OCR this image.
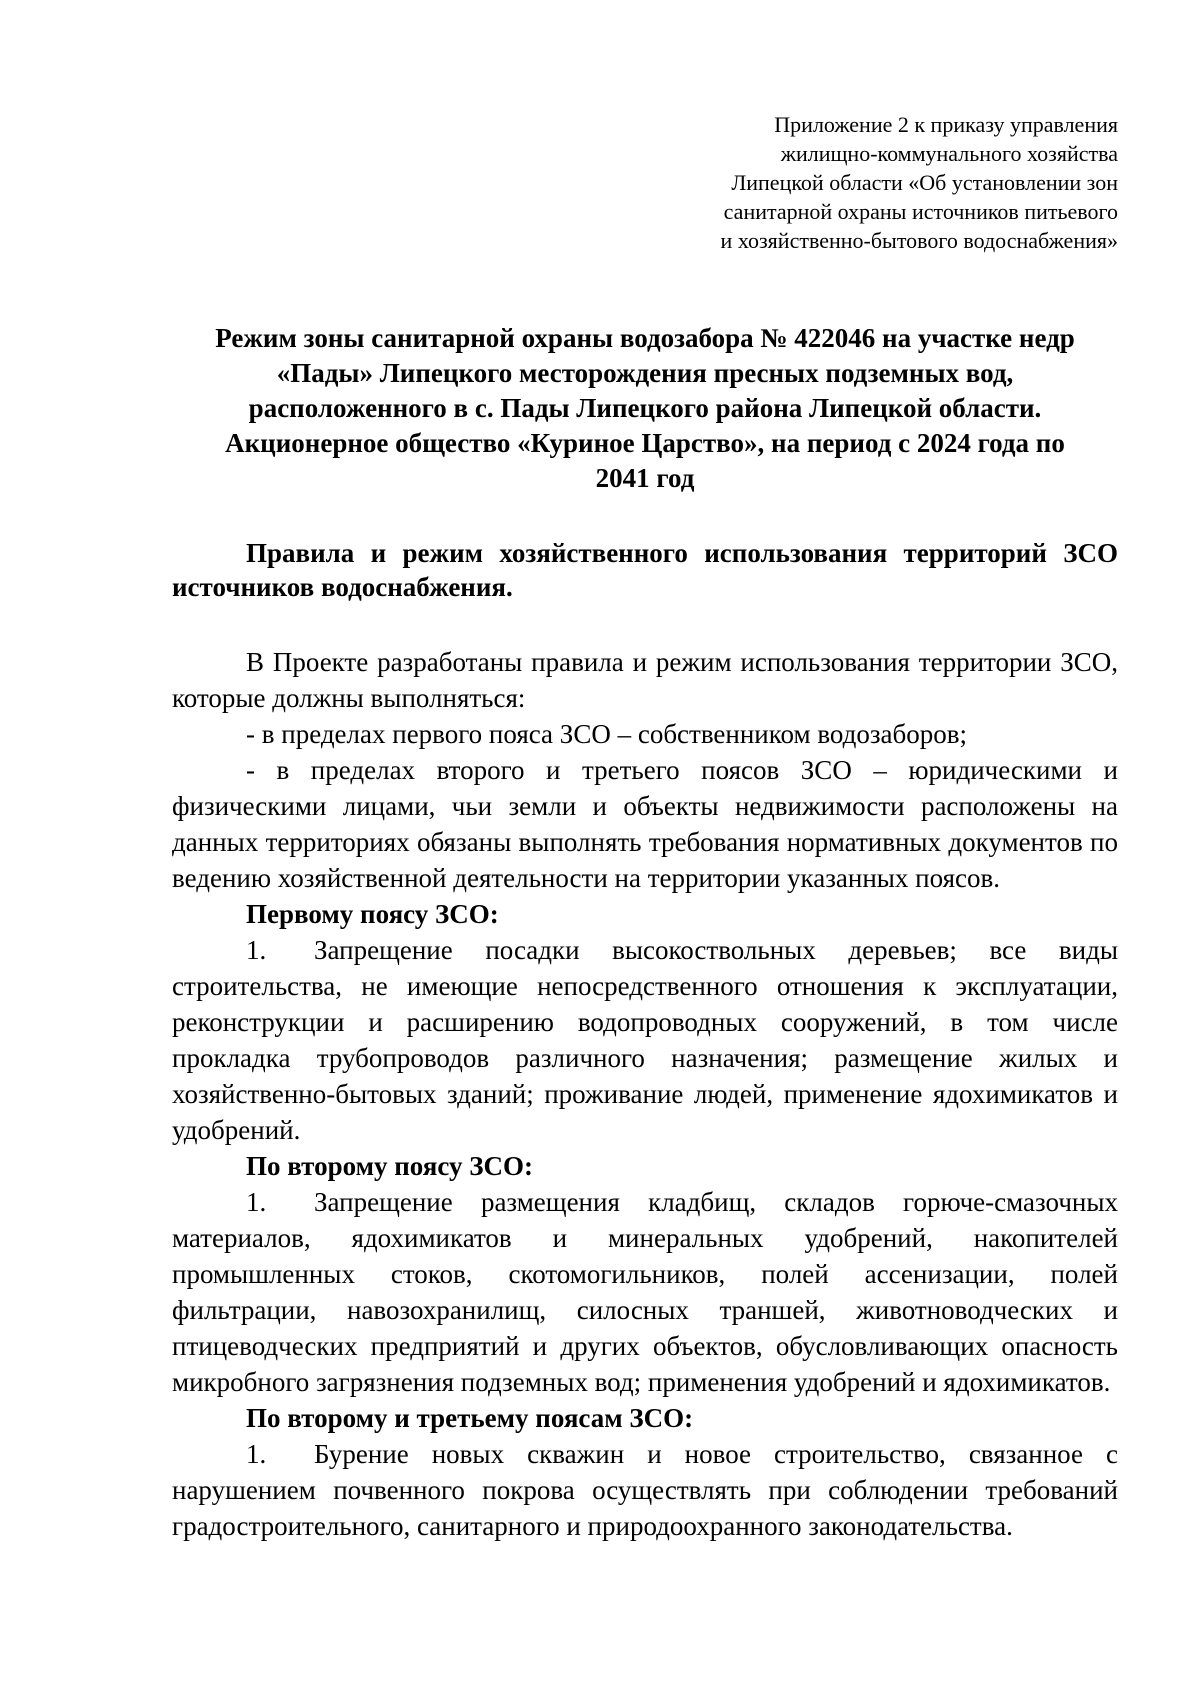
Приложение 2 к приказу управления
жилищно-коммунального хозяйства
Липецкой области «Об установлении зон
санитарной охраны источников питьевого
и хозяйственно-бытового водоснабжения»
Режим зоны санитарной охраны водозабора № 422046 на участке недр
«Пады» Липецкого месторождения пресных подземных вод,
расположенного в с. Пады Липецкого района Липецкой области.
Акционерное общество «Куриное Царство», на период с 2024 года по
2041 год
Правила и режим хозяйственного использования территорий ЗСО источников водоснабжения.

В Проекте разработаны правила и режим использования территории ЗСО, которые должны выполняться:

- в пределах первого пояса ЗСО – собственником водозаборов;

- в пределах второго и третьего поясов ЗСО – юридическими и физическими лицами, чьи земли и объекты недвижимости расположены на данных территориях обязаны выполнять требования нормативных документов по ведению хозяйственной деятельности на территории указанных поясов.

Первому поясу ЗСО:

1. Запрещение посадки высокоствольных деревьев; все виды строительства, не имеющие непосредственного отношения к эксплуатации, реконструкции и расширению водопроводных сооружений, в том числе прокладка трубопроводов различного назначения; размещение жилых и хозяйственно-бытовых зданий; проживание людей, применение ядохимикатов и удобрений.

По второму поясу ЗСО:

1. Запрещение размещения кладбищ, складов горюче-смазочных материалов, ядохимикатов и минеральных удобрений, накопителей промышленных стоков, скотомогильников, полей ассенизации, полей фильтрации, навозохранилищ, силосных траншей, животноводческих и птицеводческих предприятий и других объектов, обусловливающих опасность микробного загрязнения подземных вод; применения удобрений и ядохимикатов.

По второму и третьему поясам ЗСО:

1. Бурение новых скважин и новое строительство, связанное с нарушением почвенного покрова осуществлять при соблюдении требований градостроительного, санитарного и природоохранного законодательства.
